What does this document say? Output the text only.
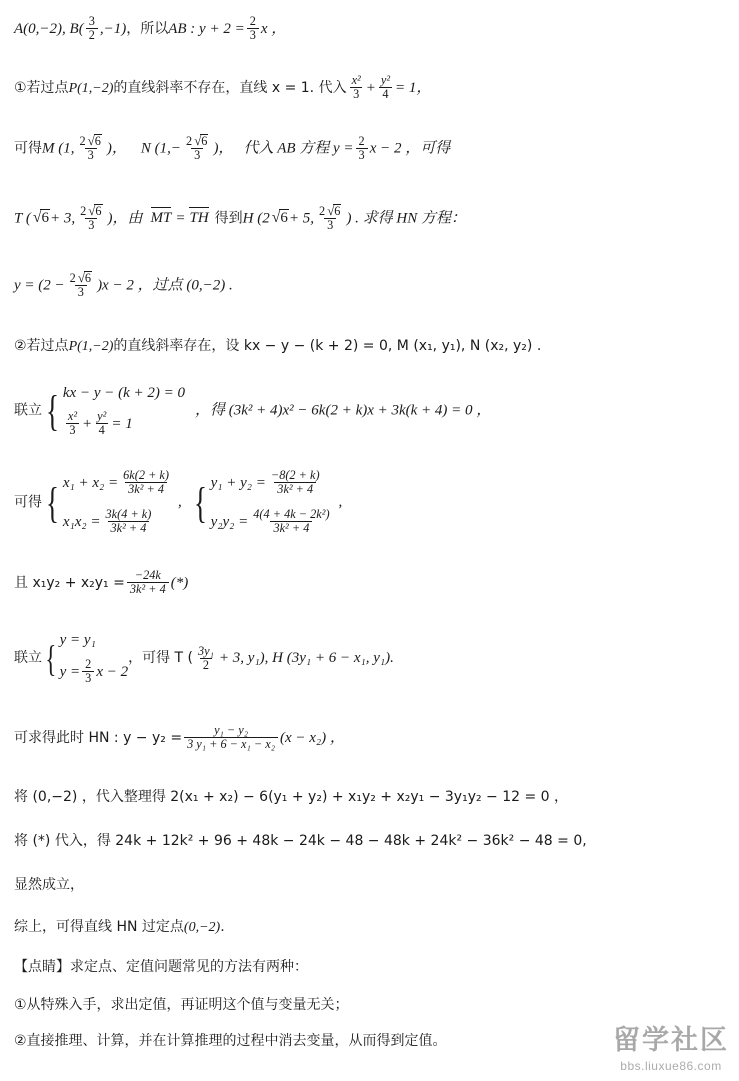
A(0,−2), $B( \frac{3}{2} ,-1)$，所以AB : $y + 2 = \frac{2}{3}$ x ，
①若过点P(1,−2)的直线斜率不存在，直线 x = 1. 代入 $\frac{\text{x²}}{3} + \frac{\text{y²}}{4} = 1$，
可得M (1, $\frac{2 √6}{3}$ )， N ($1,- \frac{2 √6}{3}$ )， 代入 AB 方程 $y = \frac{2}{3}$ x − 2 ，可得
T ( √6+ 3, $\frac{2 √6}{3}$ )，由 MT = TH 得到H (2 √6+ 5, $\frac{2 √6}{3}$ ) . 求得 HN 方程：
$y = (2 - \frac{2 √6}{3} )x - 2$ ，过点 (0,−2) .
②若过点P(1,−2)的直线斜率存在，设 kx − y − (k + 2) = 0, M (x₁, y₁), N (x₂, y₂) .
联立 { kx − y − (k + 2) = 0
$\frac{\text{x²}}{3} + \frac{\text{y²}}{4} = 1$
，得 (3k² + 4)x² − 6k(2 + k)x + 3k(k + 4) = 0 ，
可得 { $x_1 + x_2 = \frac{6k(2 + k)}{\text{3k² + 4}}$
$x_1x_2 = \frac{3k(4 + k)}{\text{3k² + 4}}$
, { $y_1 + y_2 = \frac{-8(2 + k)}{\text{3k² + 4}}$
$y_2y_2 = \frac{\text{4(4 + 4k − 2k²)}}{\text{3k² + 4}}$
,
且 $x_1y_2 + x_2y_1 = \frac{-24k}{\text{3k² + 4}}$ (*)
联立 { y = y₁
$y = \frac{2}{3}$ x − 2
，可得 T ( $\frac{\text{3y₁}}{2} + 3$, y₁), H (3y₁ + 6 − x₁, y₁).
可求得此时 HN : $y - y_2 = \frac{\text{y₁ − y₂}}{\text{3 y₁ + 6 − x₁ − x₂}} (x - x_2)$ ，
将 (0,−2) ，代入整理得 2(x₁ + x₂) − 6(y₁ + y₂) + x₁y₂ + x₂y₁ − 3y₁y₂ − 12 = 0 ，
将 (*) 代入，得 24k + 12k² + 96 + 48k − 24k − 48 − 48k + 24k² − 36k² − 48 = 0,
显然成立，
综上，可得直线 HN 过定点(0,−2).
【点睛】求定点、定值问题常见的方法有两种：
①从特殊入手，求出定值，再证明这个值与变量无关；
②直接推理、计算，并在计算推理的过程中消去变量，从而得到定值。	留学社区
bbs.liuxue86.com
